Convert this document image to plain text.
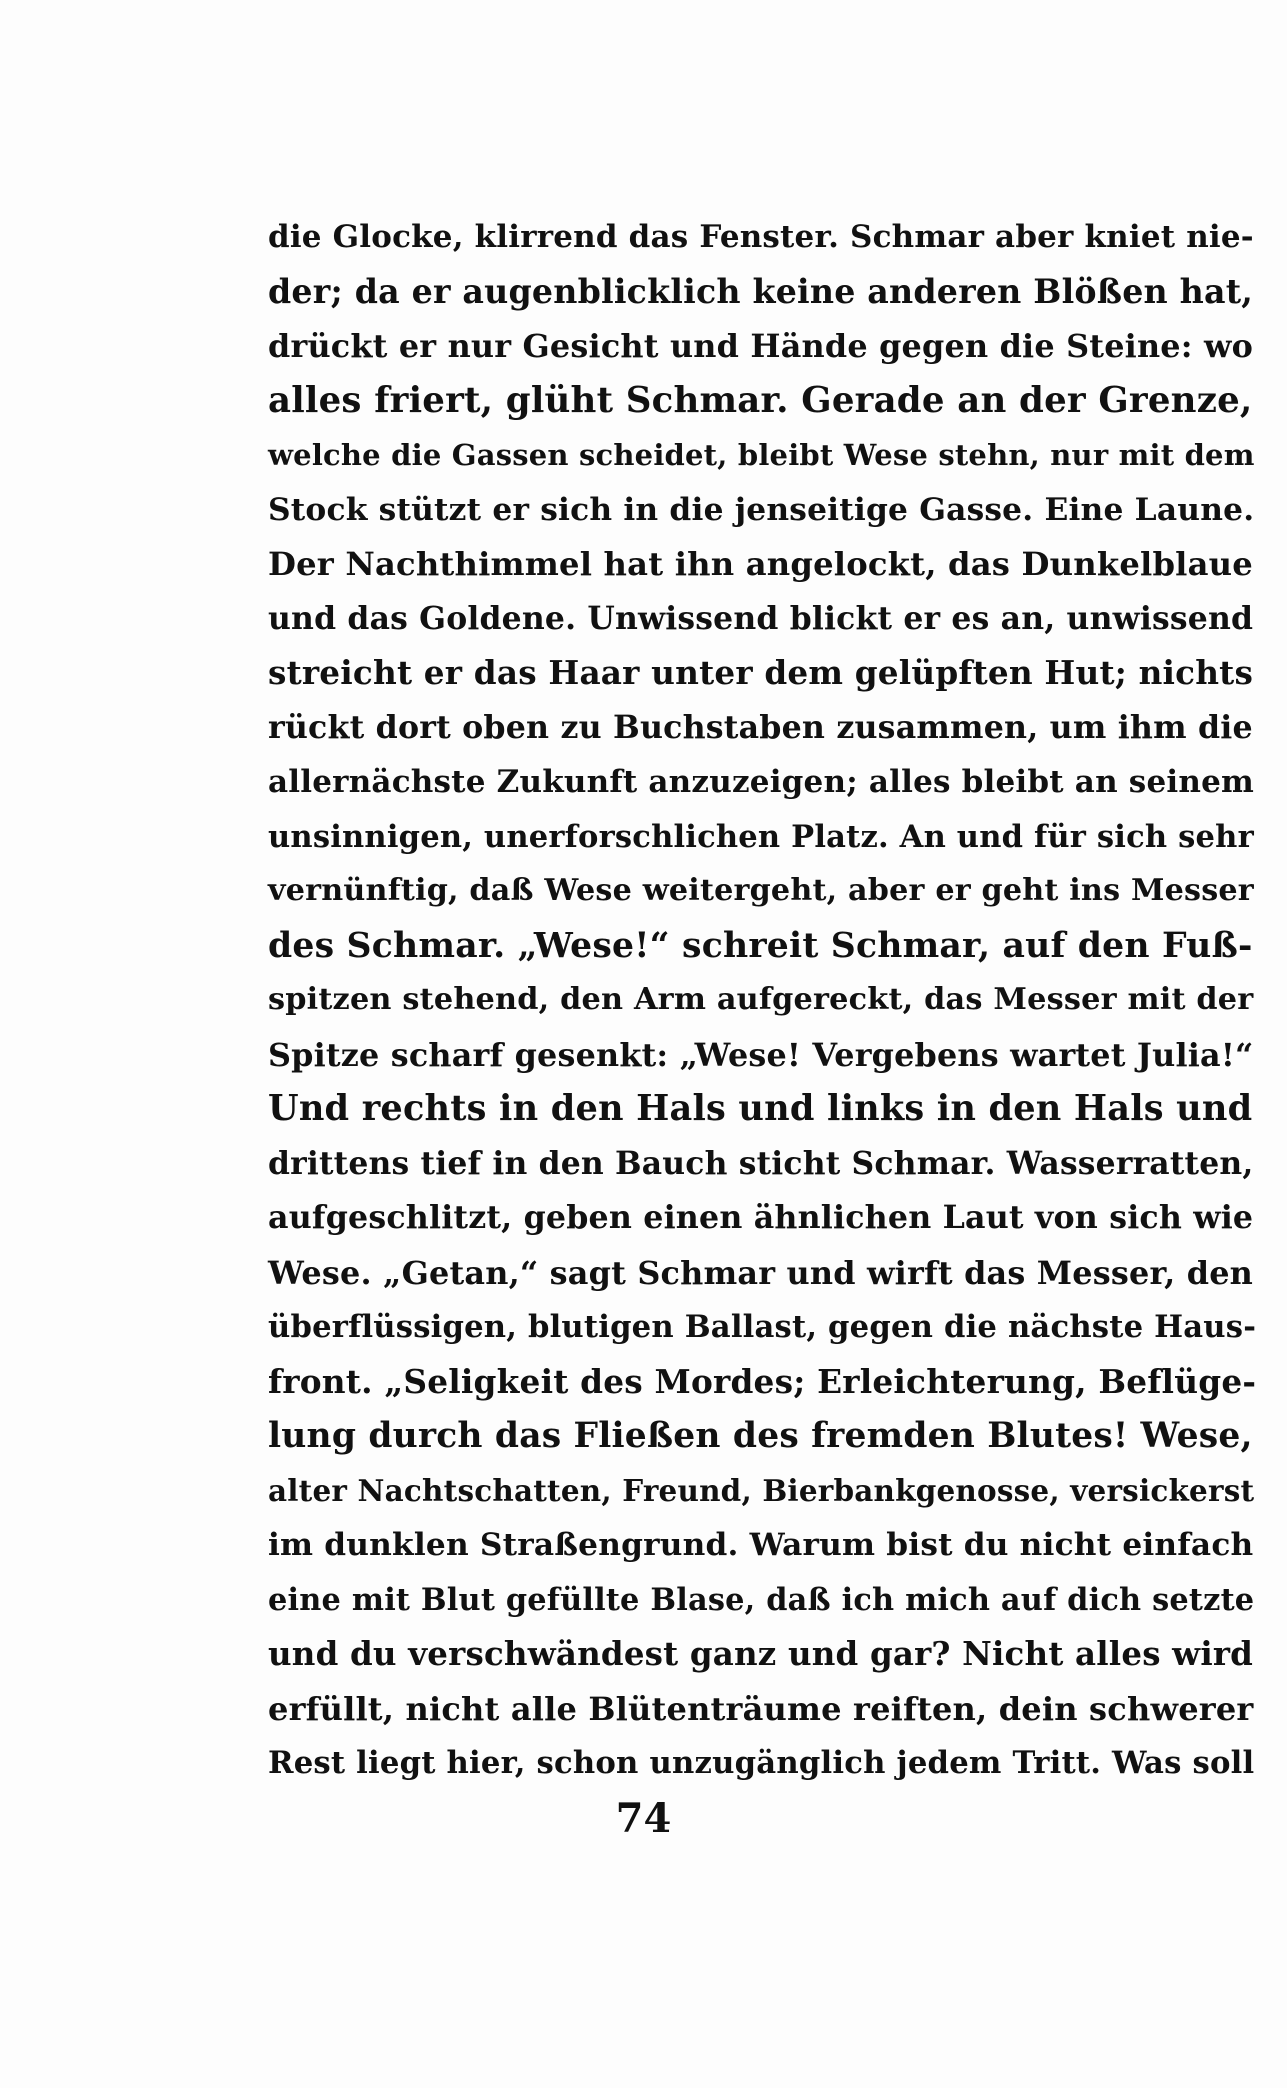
die Glocke, klirrend das Fenster. Schmar aber kniet nie-
der; da er augenblicklich keine anderen Blößen hat,
drückt er nur Gesicht und Hände gegen die Steine: wo
alles friert, glüht Schmar. Gerade an der Grenze,
welche die Gassen scheidet, bleibt Wese stehn, nur mit dem
Stock stützt er sich in die jenseitige Gasse. Eine Laune.
Der Nachthimmel hat ihn angelockt, das Dunkelblaue
und das Goldene. Unwissend blickt er es an, unwissend
streicht er das Haar unter dem gelüpften Hut; nichts
rückt dort oben zu Buchstaben zusammen, um ihm die
allernächste Zukunft anzuzeigen; alles bleibt an seinem
unsinnigen, unerforschlichen Platz. An und für sich sehr
vernünftig, daß Wese weitergeht, aber er geht ins Messer
des Schmar. „Wese!“ schreit Schmar, auf den Fuß-
spitzen stehend, den Arm aufgereckt, das Messer mit der
Spitze scharf gesenkt: „Wese! Vergebens wartet Julia!“
Und rechts in den Hals und links in den Hals und
drittens tief in den Bauch sticht Schmar. Wasserratten,
aufgeschlitzt, geben einen ähnlichen Laut von sich wie
Wese. „Getan,“ sagt Schmar und wirft das Messer, den
überflüssigen, blutigen Ballast, gegen die nächste Haus-
front. „Seligkeit des Mordes; Erleichterung, Beflüge-
lung durch das Fließen des fremden Blutes! Wese,
alter Nachtschatten, Freund, Bierbankgenosse, versickerst
im dunklen Straßengrund. Warum bist du nicht einfach
eine mit Blut gefüllte Blase, daß ich mich auf dich setzte
und du verschwändest ganz und gar? Nicht alles wird
erfüllt, nicht alle Blütenträume reiften, dein schwerer
Rest liegt hier, schon unzugänglich jedem Tritt. Was soll
74
